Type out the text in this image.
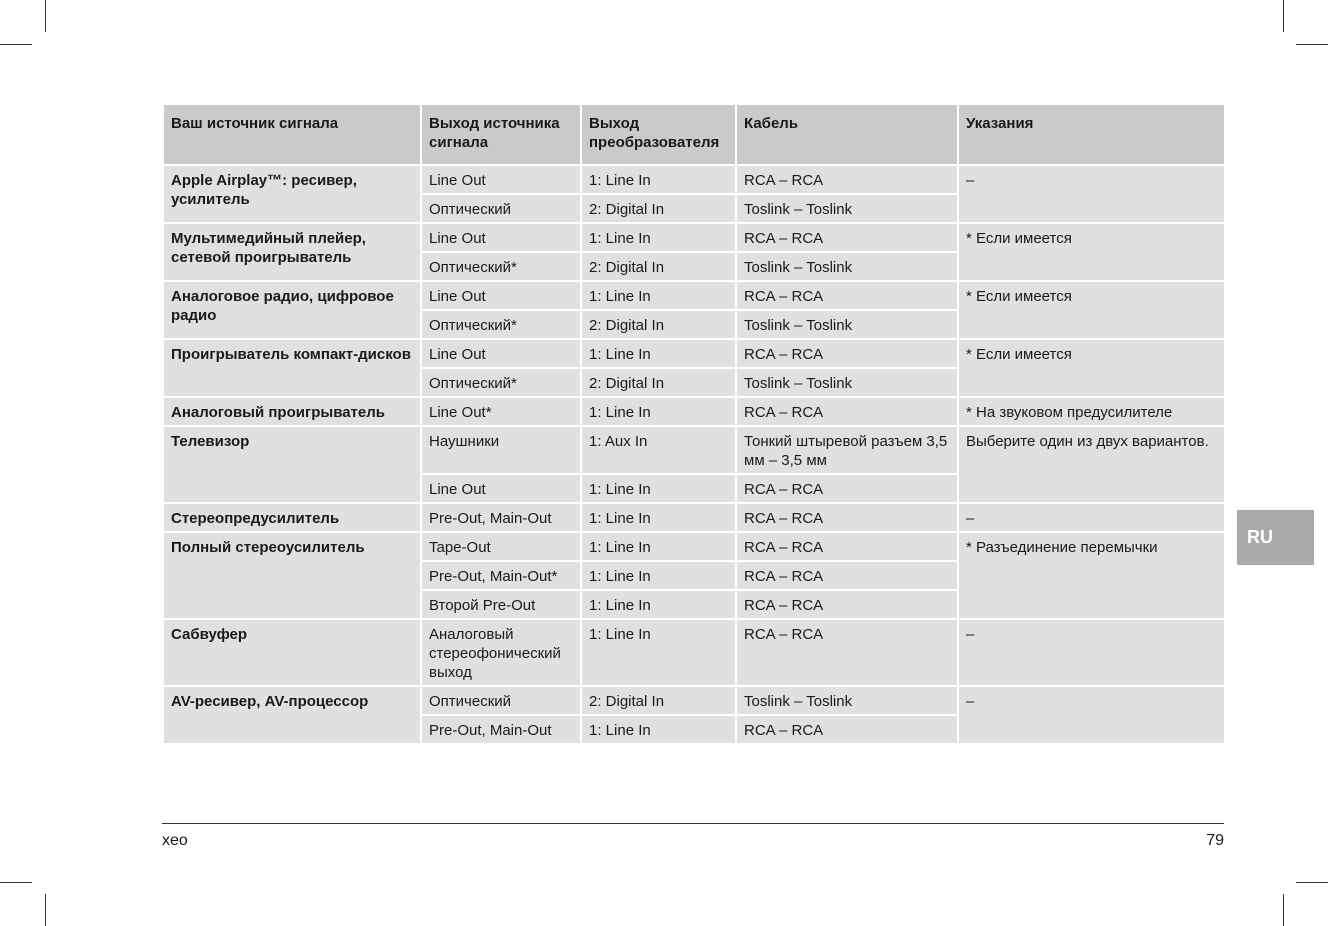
Ваш источник сигнала	Выход источника сигнала	Выход преобразователя	Кабель	Указания
Apple Airplay™: ресивер, усилитель	Line Out	1: Line In	RCA – RCA	–
	Оптический	2: Digital In	Toslink – Toslink	
Мультимедийный плейер, сетевой проигрыватель	Line Out	1: Line In	RCA – RCA	* Если имеется
	Оптический*	2: Digital In	Toslink – Toslink	
Аналоговое радио, цифровое радио	Line Out	1: Line In	RCA – RCA	* Если имеется
	Оптический*	2: Digital In	Toslink – Toslink	
Проигрыватель компакт-дисков	Line Out	1: Line In	RCA – RCA	* Если имеется
	Оптический*	2: Digital In	Toslink – Toslink	
Аналоговый проигрыватель	Line Out*	1: Line In	RCA – RCA	* На звуковом предусилителе
Телевизор	Наушники	1: Aux In	Тонкий штыревой разъем 3,5 мм – 3,5 мм	Выберите один из двух вариантов.
	Line Out	1: Line In	RCA – RCA	
Стереопредусилитель	Pre-Out, Main-Out	1: Line In	RCA – RCA	–
Полный стереоусилитель	Tape-Out	1: Line In	RCA – RCA	* Разъединение перемычки
	Pre-Out, Main-Out*	1: Line In	RCA – RCA	
	Второй Pre-Out	1: Line In	RCA – RCA	
Сабвуфер	Аналоговый стереофонический выход	1: Line In	RCA – RCA	–
AV-ресивер, AV-процессор	Оптический	2: Digital In	Toslink – Toslink	–
	Pre-Out, Main-Out	1: Line In	RCA – RCA	
RU
xeo	79
